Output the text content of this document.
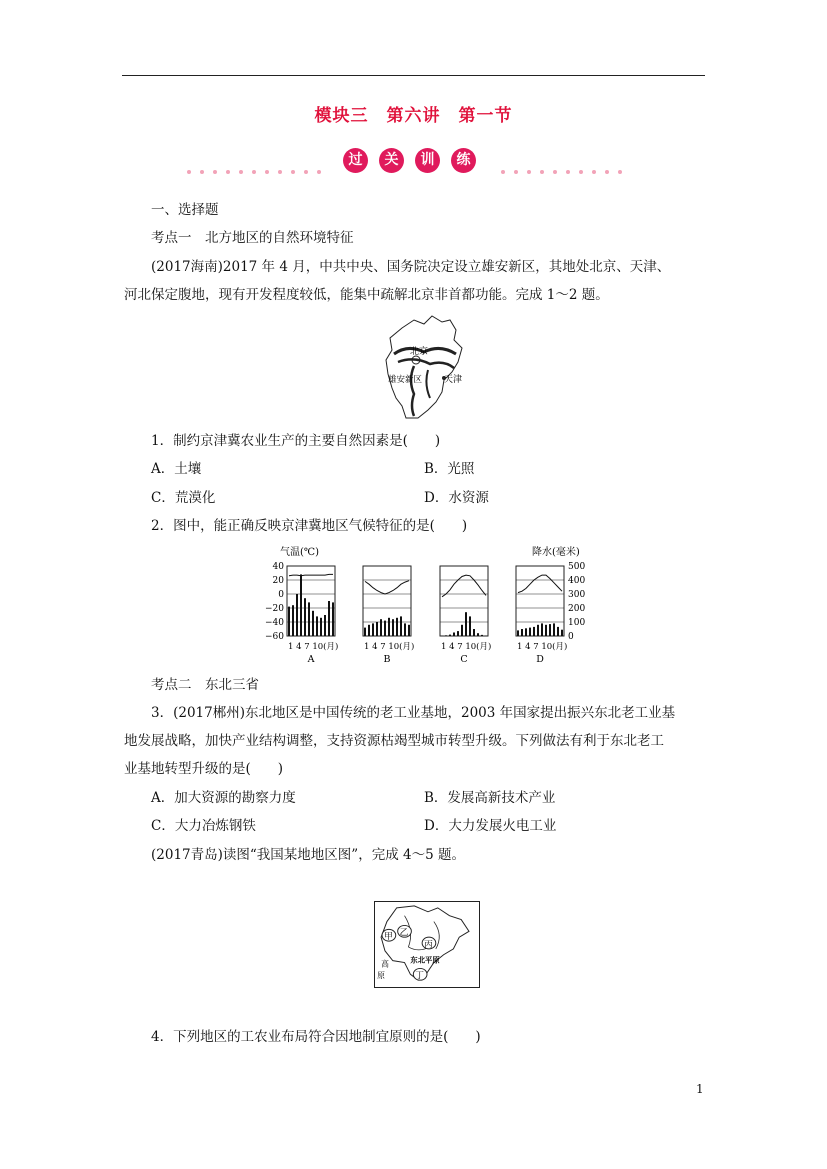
模块三　第六讲　第一节
过 关 训 练
一、选择题
考点一　北方地区的自然环境特征
(2017海南)2017 年 4 月，中共中央、国务院决定设立雄安新区，其地处北京、天津、
河北保定腹地，现有开发程度较低，能集中疏解北京非首都功能。完成 1～2 题。
北京
雄安新区 天津
1．制约京津冀农业生产的主要自然因素是(　　)
A．土壤	B．光照
C．荒漠化	D．水资源
2．图中，能正确反映京津冀地区气候特征的是(　　)
气温(℃)	降水(毫米)
40
20
0
−20
−40
−60
500
400
300
200
100
0
1 4 7 10(月)
A
1 4 7 10(月)
B
1 4 7 10(月)
C
1 4 7 10(月)
D
考点二　东北三省
3．(2017郴州)东北地区是中国传统的老工业基地，2003 年国家提出振兴东北老工业基
地发展战略，加快产业结构调整，支持资源枯竭型城市转型升级。下列做法有利于东北老工
业基地转型升级的是(　　)
A．加大资源的勘察力度	B．发展高新技术产业
C．大力冶炼钢铁	D．大力发展火电工业
(2017青岛)读图“我国某地地区图”，完成 4～5 题。
甲 乙
丙
丁
东北平原
高
原
4．下列地区的工农业布局符合因地制宜原则的是(　　)
1
